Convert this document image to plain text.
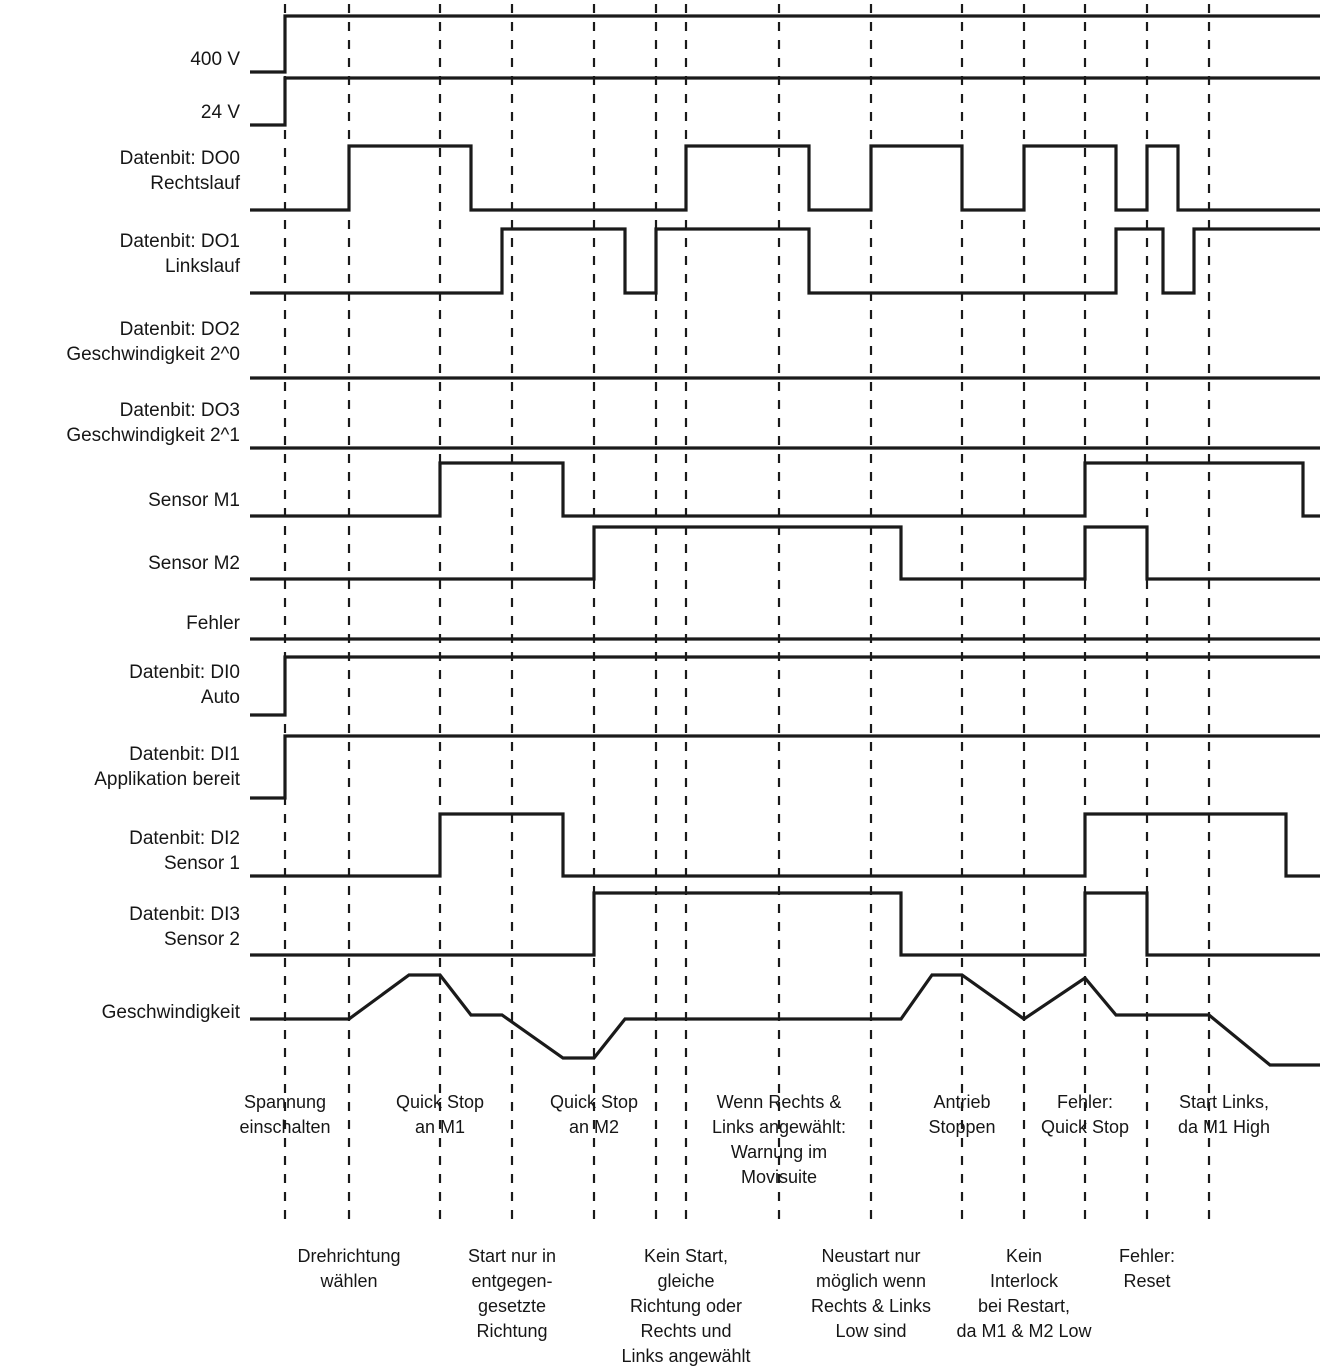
400 V
24 V
Datenbit: DO0
Rechtslauf
Datenbit: DO1
Linkslauf
Datenbit: DO2
Geschwindigkeit 2^0
Datenbit: DO3
Geschwindigkeit 2^1
Sensor M1
Sensor M2
Fehler
Datenbit: DI0
Auto
Datenbit: DI1
Applikation bereit
Datenbit: DI2
Sensor 1
Datenbit: DI3
Sensor 2
Geschwindigkeit
Spannung
einschalten
Quick Stop
an M1
Quick Stop
an M2
Wenn Rechts &
Links angewählt:
Warnung im
Movisuite
Antrieb
Stoppen
Fehler:
Quick Stop
Start Links,
da M1 High
Drehrichtung
wählen
Start nur in
entgegen-
gesetzte
Richtung
Kein Start,
gleiche
Richtung oder
Rechts und
Links angewählt
Neustart nur
möglich wenn
Rechts & Links
Low sind
Kein
Interlock
bei Restart,
da M1 & M2 Low
Fehler:
Reset
